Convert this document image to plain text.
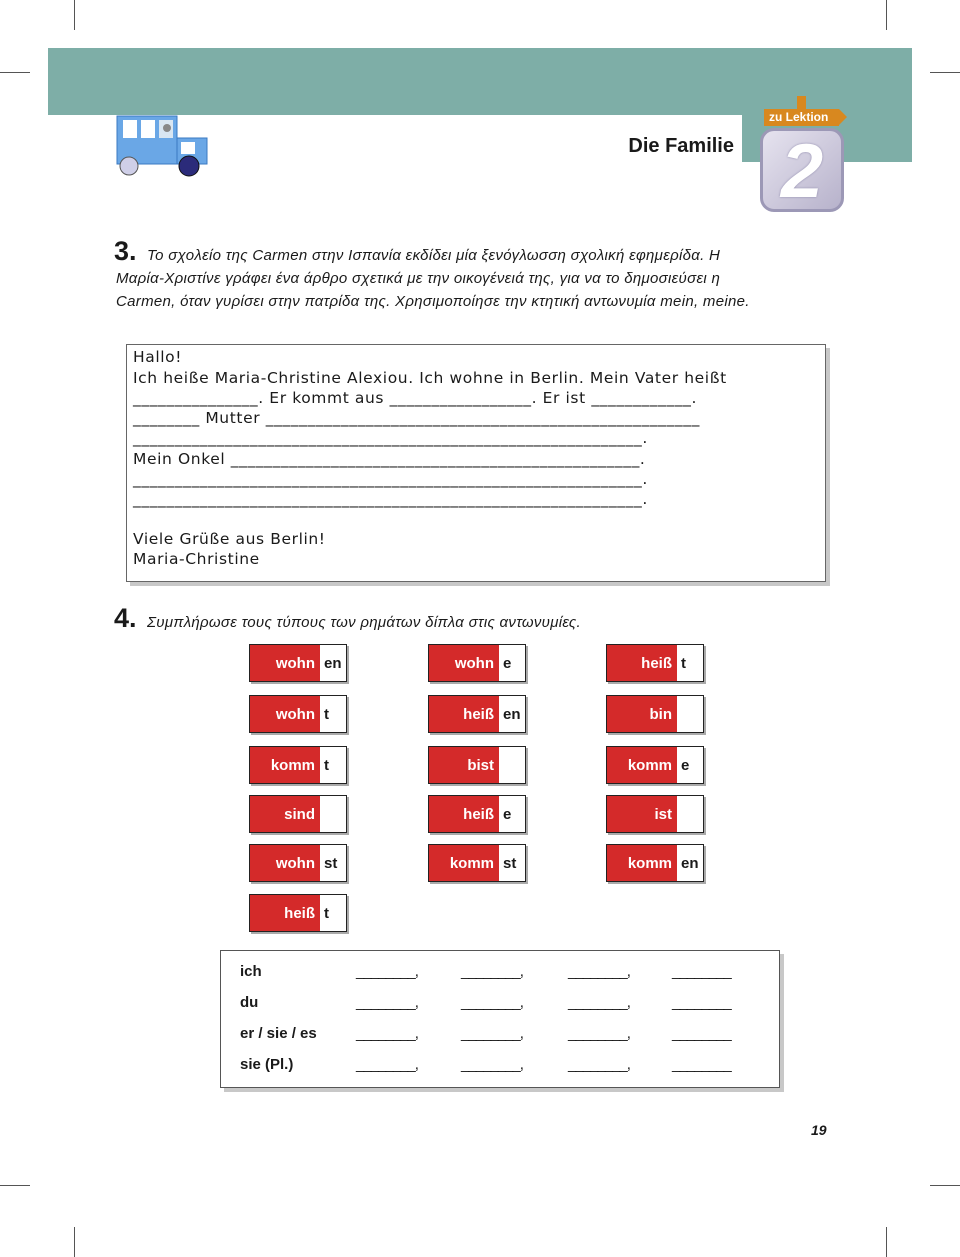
Die Familie
zu Lektion
2
3. Το σχολείο της Carmen στην Ισπανία εκδίδει μία ξενόγλωσση σχολική εφημερίδα. Η
Μαρία-Χριστίνε γράφει ένα άρθρο σχετικά με την οικογένειά της, για να το δημοσιεύσει η
Carmen, όταν γυρίσει στην πατρίδα της. Χρησιμοποίησε την κτητική αντωνυμία mein, meine.
Hallo!
Ich heiße Maria-Christine Alexiou. Ich wohne in Berlin. Mein Vater heißt
_______________. Er kommt aus _________________. Er ist ____________.
________ Mutter ____________________________________________________
_____________________________________________________________.
Mein Onkel _________________________________________________.
_____________________________________________________________.
_____________________________________________________________.
Viele Grüße aus Berlin!
Maria-Christine
4. Συμπλήρωσε τους τύπους των ρημάτων δίπλα στις αντωνυμίες.
wohn en	wohn e	heiß t
wohn t	heiß en	bin
komm t	bist	komm e
sind	heiß e	ist
wohn st	komm st	komm en
heiß t
ich	________,	________,	________,	________
du	________,	________,	________,	________
er / sie / es	________,	________,	________,	________
sie (Pl.)	________,	________,	________,	________
19
